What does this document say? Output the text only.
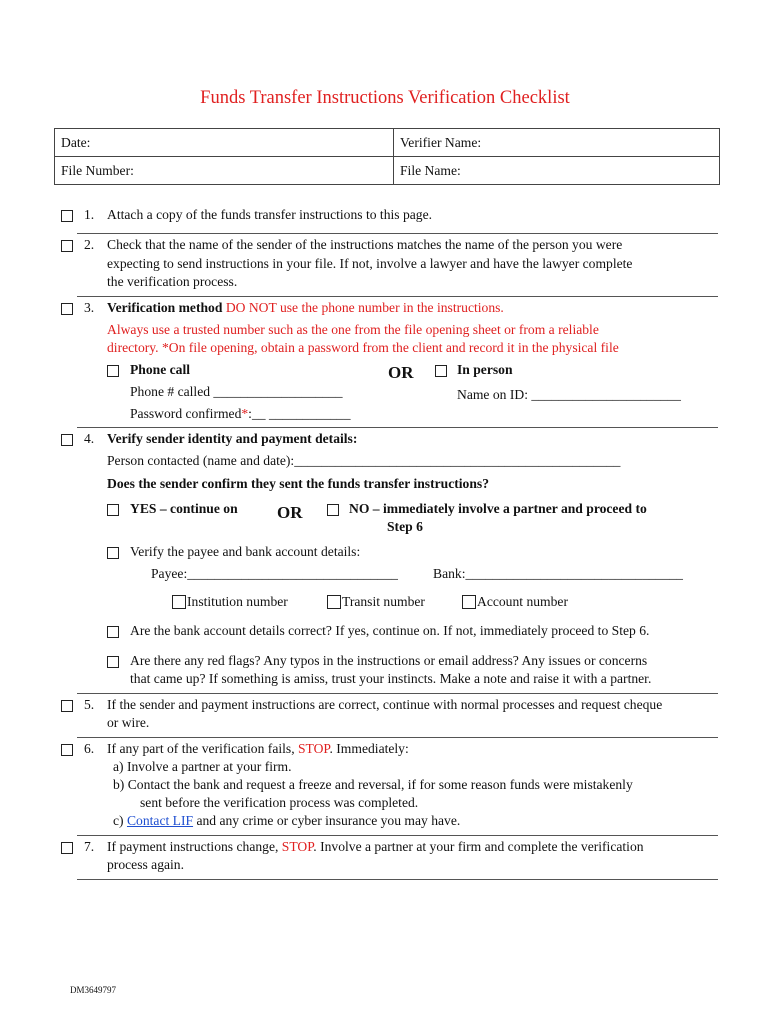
Funds Transfer Instructions Verification Checklist
Date:	Verifier Name:
File Number:	File Name:
1. Attach a copy of the funds transfer instructions to this page.
2. Check that the name of the sender of the instructions matches the name of the person you were
expecting to send instructions in your file. If not, involve a lawyer and have the lawyer complete
the verification process.
3. Verification method DO NOT use the phone number in the instructions.
Always use a trusted number such as the one from the file opening sheet or from a reliable
directory. *On file opening, obtain a password from the client and record it in the physical file
Phone call	OR	In person
Phone # called ___________________	Name on ID: ______________________
Password confirmed*:__ ____________
4. Verify sender identity and payment details:
Person contacted (name and date):________________________________________________
Does the sender confirm they sent the funds transfer instructions?
YES – continue on OR	NO – immediately involve a partner and proceed to
Step 6
Verify the payee and bank account details:
Payee:_______________________________	Bank:________________________________
Institution number	Transit number	Account number
Are the bank account details correct? If yes, continue on. If not, immediately proceed to Step 6.
Are there any red flags? Any typos in the instructions or email address? Any issues or concerns
that came up? If something is amiss, trust your instincts. Make a note and raise it with a partner.
5. If the sender and payment instructions are correct, continue with normal processes and request cheque
or wire.
6. If any part of the verification fails, STOP. Immediately:
a) Involve a partner at your firm.
b) Contact the bank and request a freeze and reversal, if for some reason funds were mistakenly
sent before the verification process was completed.
c) Contact LIF and any crime or cyber insurance you may have.
7. If payment instructions change, STOP. Involve a partner at your firm and complete the verification
process again.
DM3649797
